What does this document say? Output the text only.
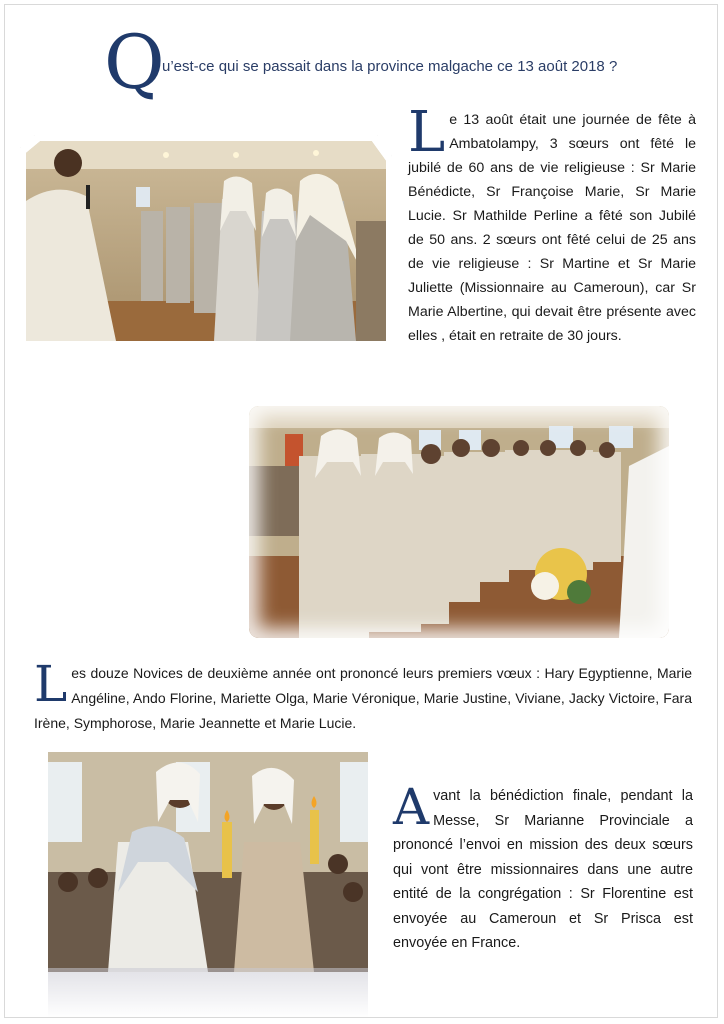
Q
u’est-ce qui se passait dans la province malgache ce 13 août 2018 ?
Le 13 août était une journée de fête à Ambatolampy, 3 sœurs ont fêté le jubilé de 60 ans de vie religieuse : Sr Marie Bénédicte, Sr Françoise Marie, Sr Marie Lucie. Sr Mathilde Perline a fêté son Jubilé de 50 ans. 2 sœurs ont fêté celui de 25 ans de vie religieuse : Sr Martine et Sr Marie Juliette (Missionnaire au Cameroun), car Sr Marie Albertine, qui devait être présente avec elles , était en retraite de 30 jours.
Les douze Novices de deuxième année ont prononcé leurs premiers vœux : Hary Egyptienne, Marie Angéline, Ando Florine, Mariette Olga, Marie Véronique, Marie Justine, Viviane, Jacky Victoire, Fara Irène, Symphorose, Marie Jeannette et Marie Lucie.
Avant la bénédiction finale, pendant la Messe, Sr Marianne Provinciale a prononcé l’envoi en mission des deux sœurs qui vont être missionnaires dans une autre entité de la congrégation : Sr Florentine est envoyée au Cameroun et Sr Prisca est envoyée en France.
